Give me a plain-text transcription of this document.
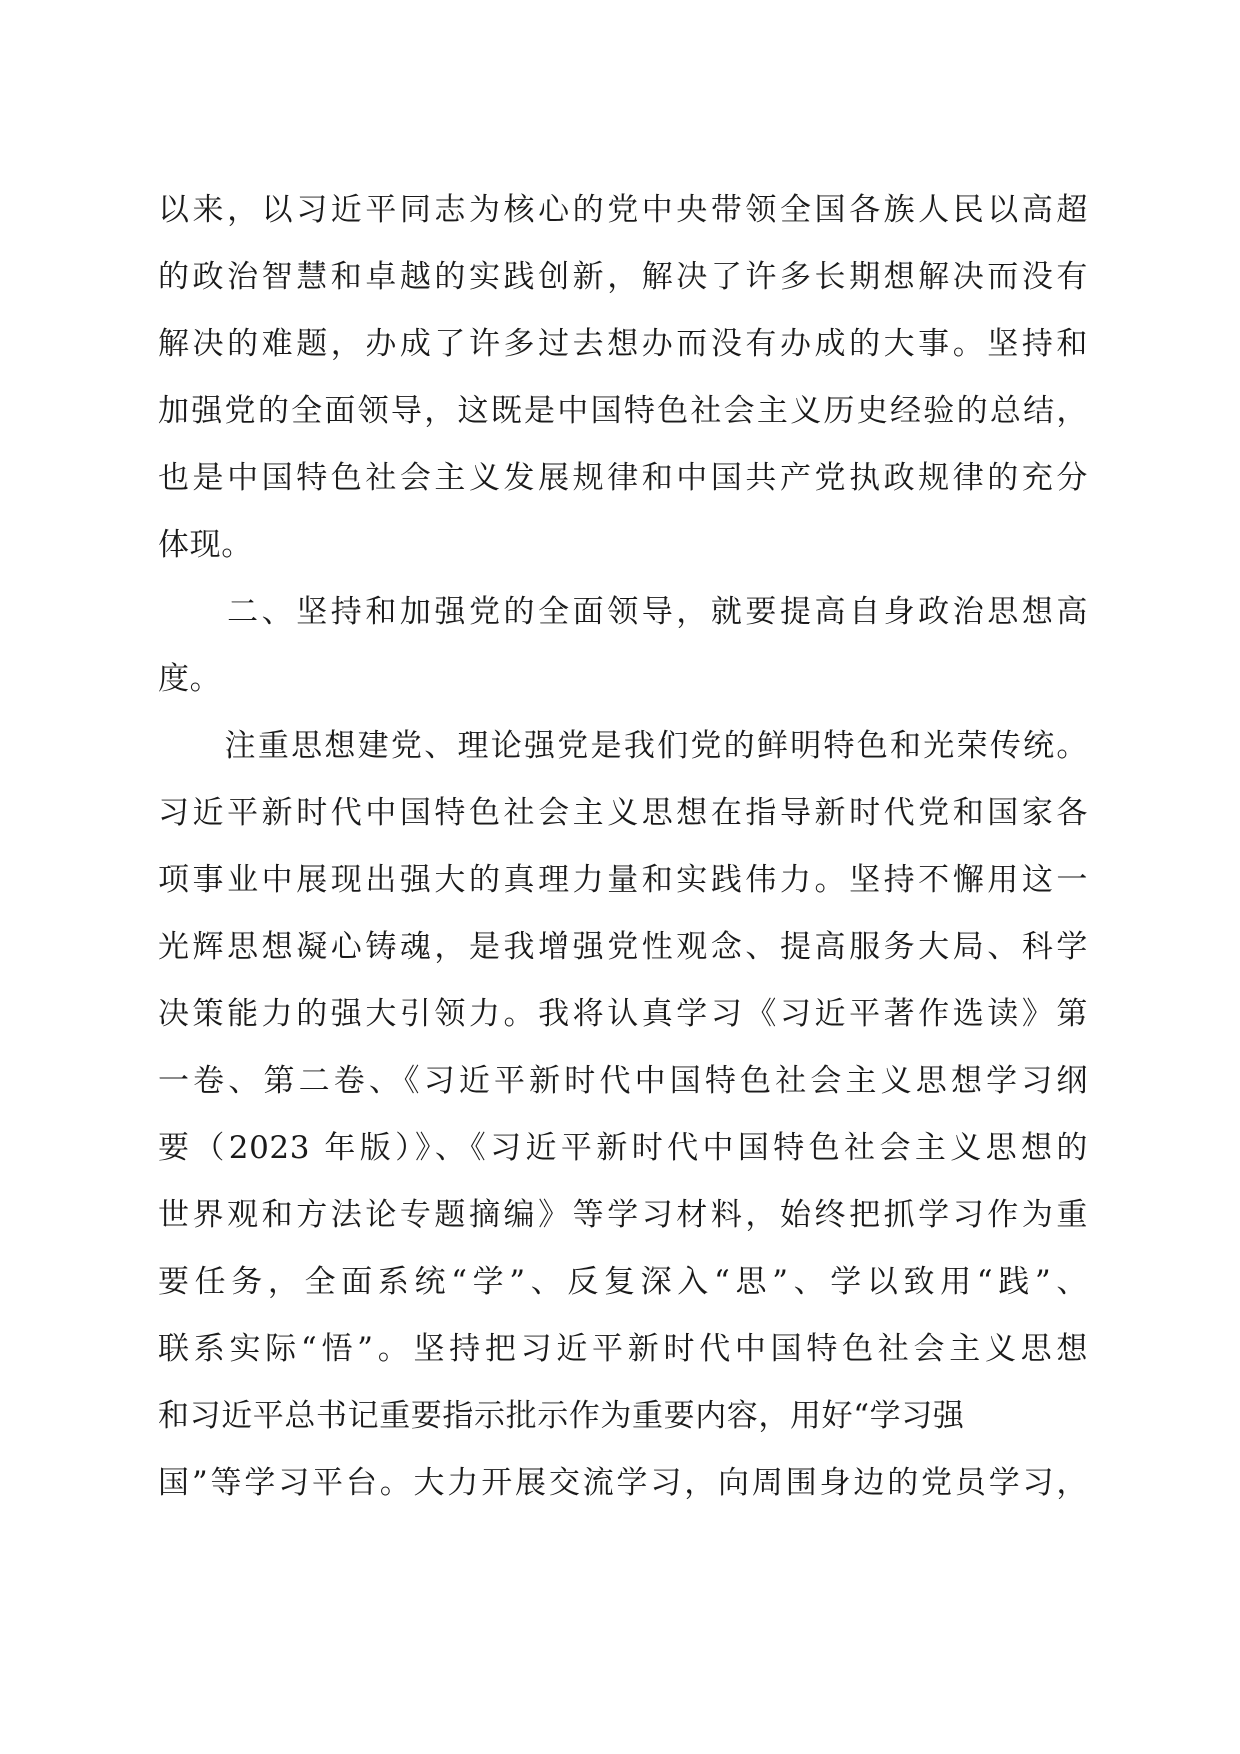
以来，以习近平同志为核心的党中央带领全国各族人民以高超
的政治智慧和卓越的实践创新，解决了许多长期想解决而没有
解决的难题，办成了许多过去想办而没有办成的大事。坚持和
加强党的全面领导，这既是中国特色社会主义历史经验的总结，
也是中国特色社会主义发展规律和中国共产党执政规律的充分
体现。
　　二、坚持和加强党的全面领导，就要提高自身政治思想高
度。
　　注重思想建党、理论强党是我们党的鲜明特色和光荣传统。
习近平新时代中国特色社会主义思想在指导新时代党和国家各
项事业中展现出强大的真理力量和实践伟力。坚持不懈用这一
光辉思想凝心铸魂，是我增强党性观念、提高服务大局、科学
决策能力的强大引领力。我将认真学习《习近平著作选读》第
一卷、第二卷、《习近平新时代中国特色社会主义思想学习纲
要（2023 年版）》、《习近平新时代中国特色社会主义思想的
世界观和方法论专题摘编》等学习材料，始终把抓学习作为重
要任务，全面系统“学”、反复深入“思”、学以致用“践”、
联系实际“悟”。坚持把习近平新时代中国特色社会主义思想
和习近平总书记重要指示批示作为重要内容，用好“学习强
国”等学习平台。大力开展交流学习，向周围身边的党员学习，
